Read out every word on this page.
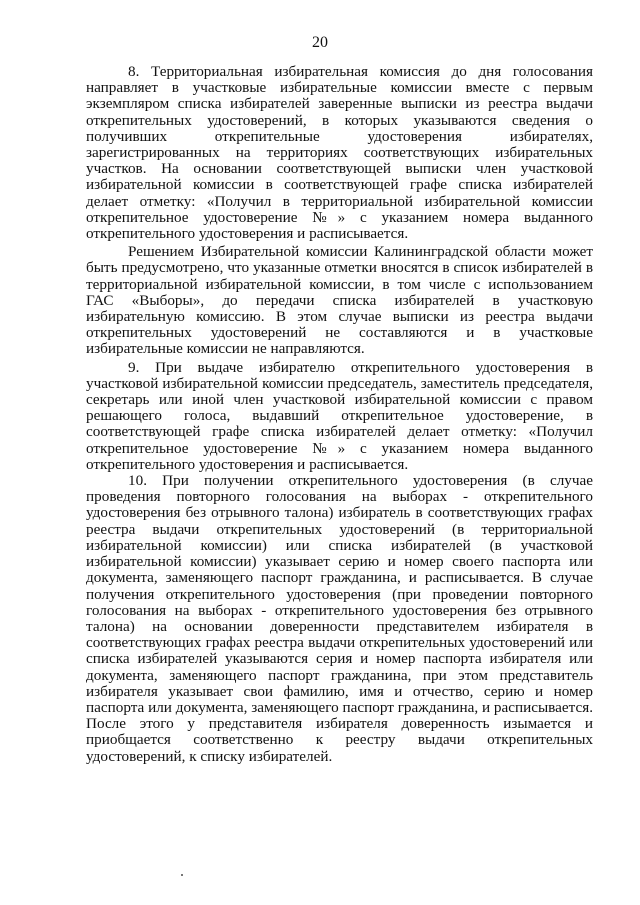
20

8. Территориальная избирательная комиссия до дня голосования направляет в участковые избирательные комиссии вместе с первым экземпляром списка избирателей заверенные выписки из реестра выдачи открепительных удостоверений, в которых указываются сведения о получивших открепительные удостоверения избирателях, зарегистрированных на территориях соответствующих избирательных участков. На основании соответствующей выписки член участковой избирательной комиссии в соответствующей графе списка избирателей делает отметку: «Получил в территориальной избирательной комиссии открепительное удостоверение №» с указанием номера выданного открепительного удостоверения и расписывается.

Решением Избирательной комиссии Калининградской области может быть предусмотрено, что указанные отметки вносятся в список избирателей в территориальной избирательной комиссии, в том числе с использованием ГАС «Выборы», до передачи списка избирателей в участковую избирательную комиссию. В этом случае выписки из реестра выдачи открепительных удостоверений не составляются и в участковые избирательные комиссии не направляются.

9. При выдаче избирателю открепительного удостоверения в участковой избирательной комиссии председатель, заместитель председателя, секретарь или иной член участковой избирательной комиссии с правом решающего голоса, выдавший открепительное удостоверение, в соответствующей графе списка избирателей делает отметку: «Получил открепительное удостоверение №» с указанием номера выданного открепительного удостоверения и расписывается.

10. При получении открепительного удостоверения (в случае проведения повторного голосования на выборах - открепительного удостоверения без отрывного талона) избиратель в соответствующих графах реестра выдачи открепительных удостоверений (в территориальной избирательной комиссии) или списка избирателей (в участковой избирательной комиссии) указывает серию и номер своего паспорта или документа, заменяющего паспорт гражданина, и расписывается. В случае получения открепительного удостоверения (при проведении повторного голосования на выборах - открепительного удостоверения без отрывного талона) на основании доверенности представителем избирателя в соответствующих графах реестра выдачи открепительных удостоверений или списка избирателей указываются серия и номер паспорта избирателя или документа, заменяющего паспорт гражданина, при этом представитель избирателя указывает свои фамилию, имя и отчество, серию и номер паспорта или документа, заменяющего паспорт гражданина, и расписывается. После этого у представителя избирателя доверенность изымается и приобщается соответственно к реестру выдачи открепительных удостоверений, к списку избирателей.
